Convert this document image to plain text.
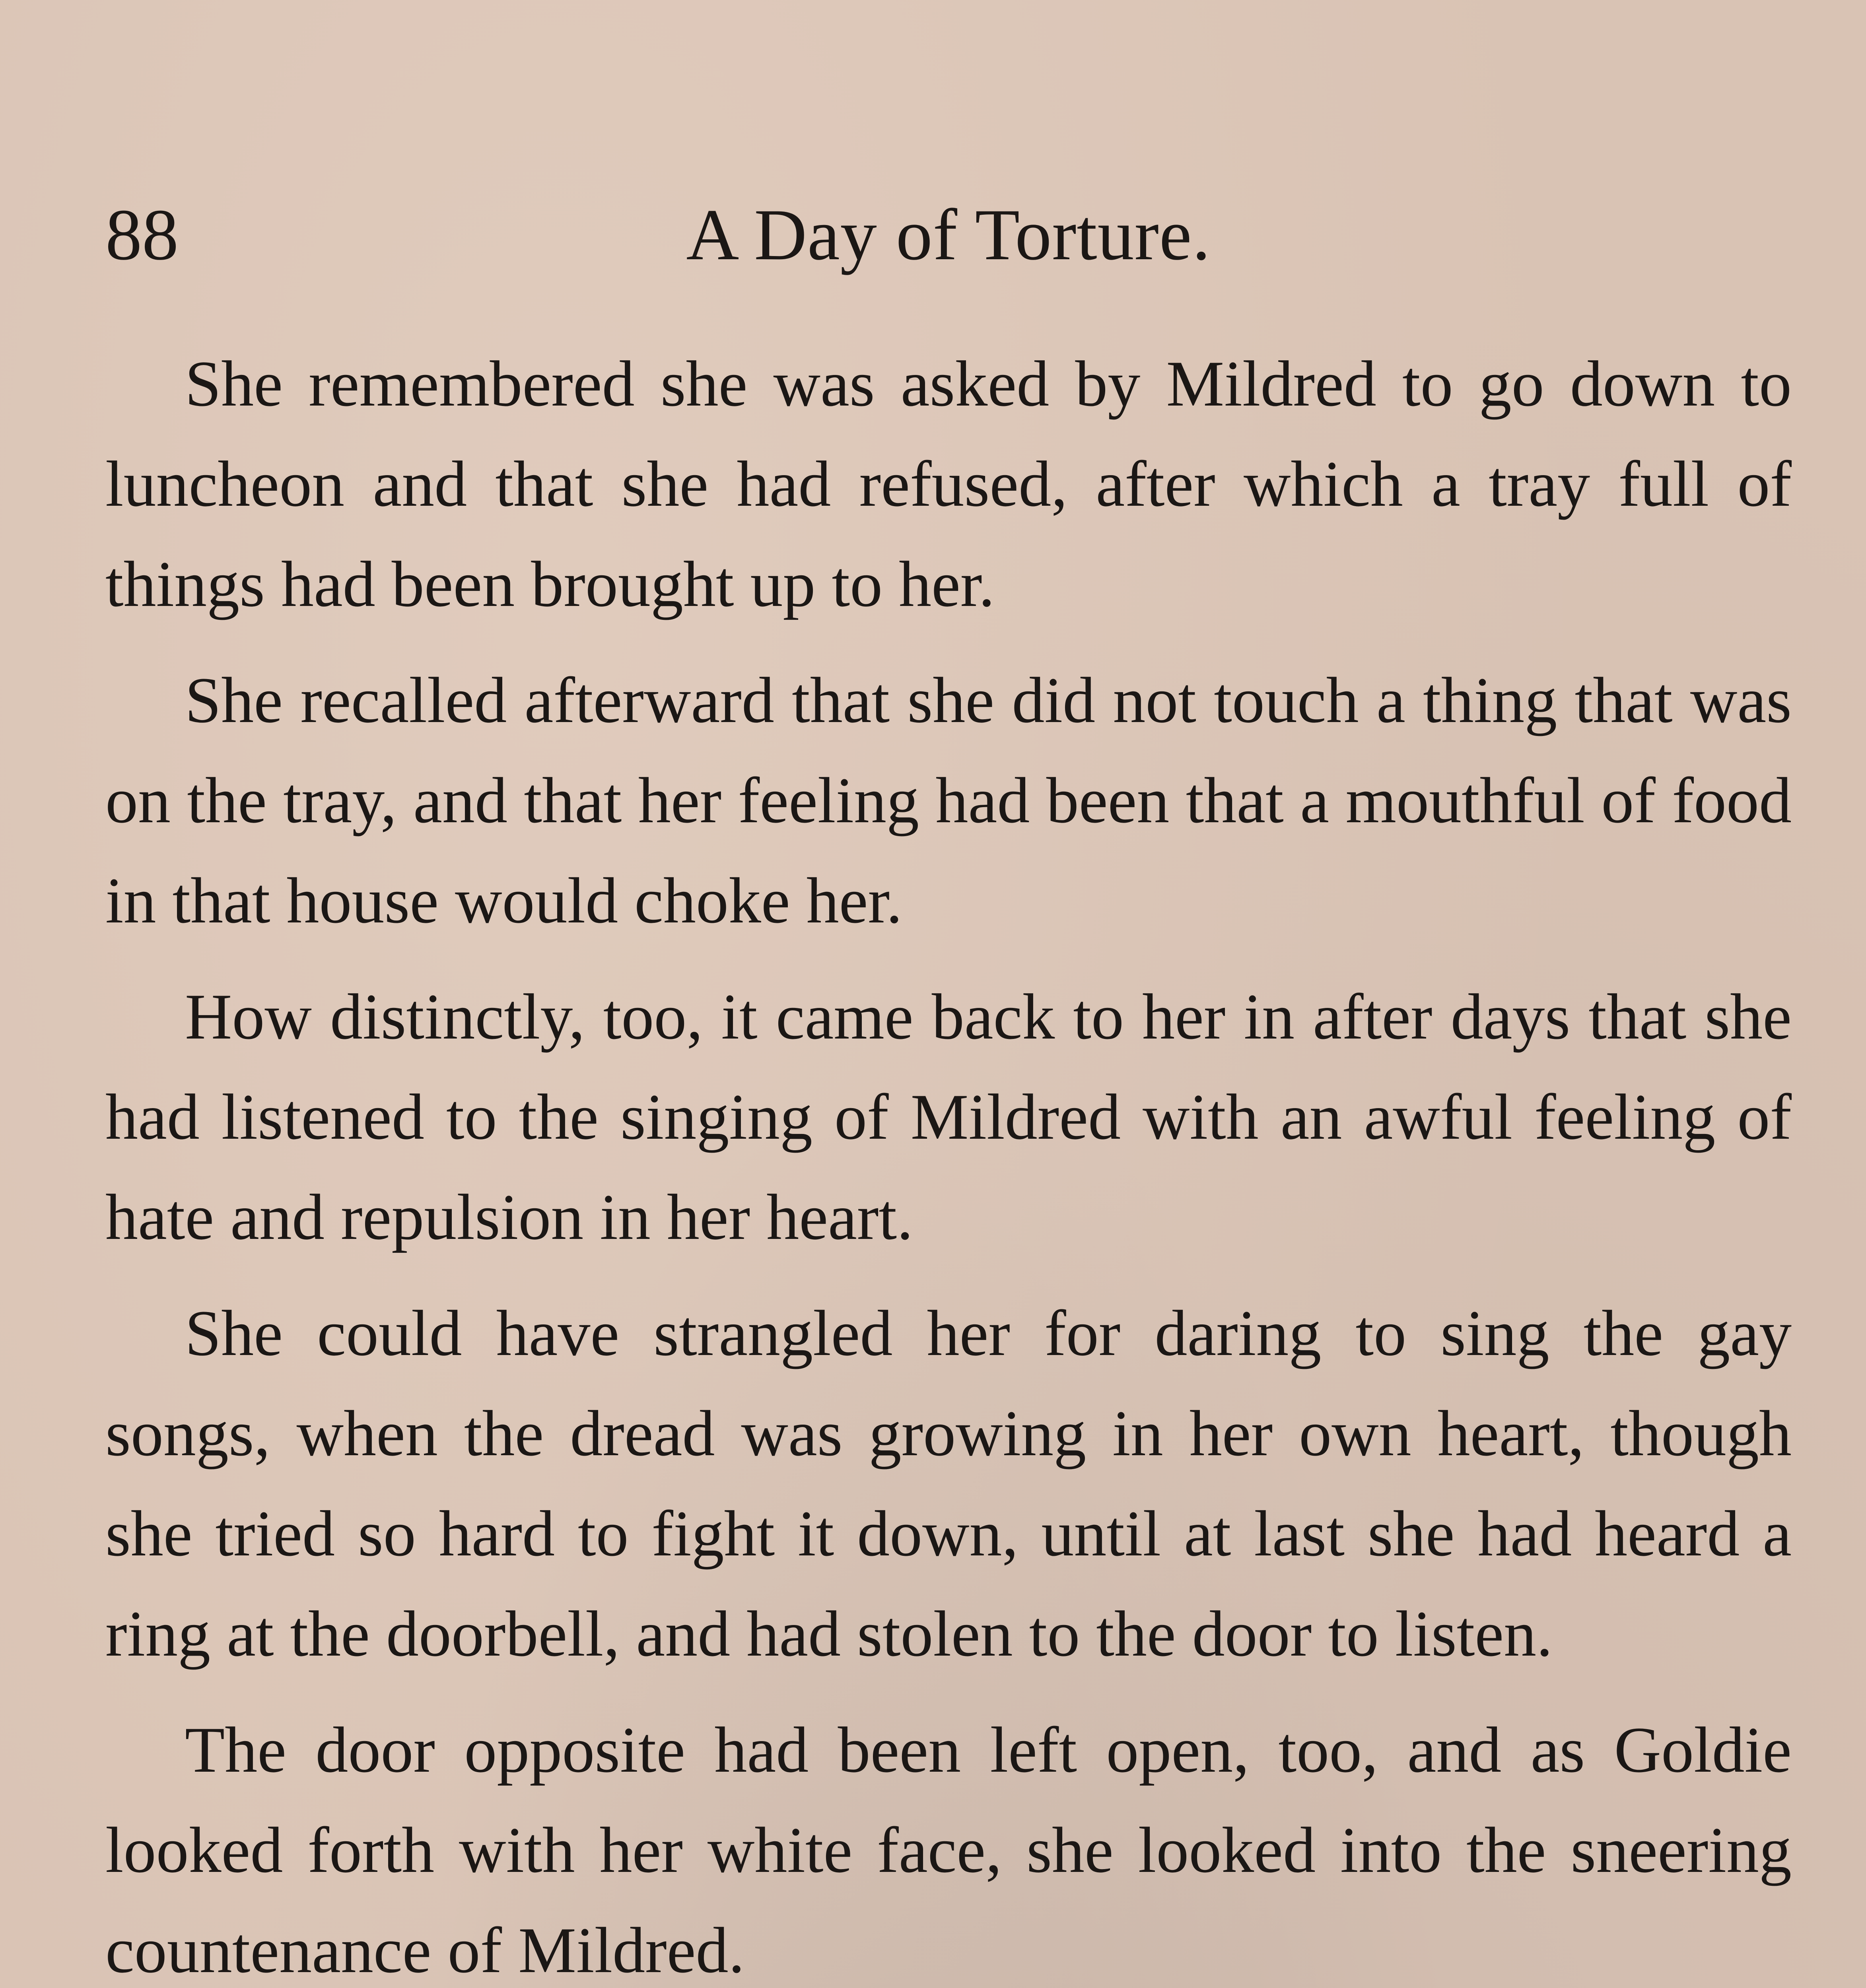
88	A Day of Torture.

She remembered she was asked by Mildred to go down to luncheon and that she had refused, after which a tray full of things had been brought up to her.

She recalled afterward that she did not touch a thing that was on the tray, and that her feeling had been that a mouthful of food in that house would choke her.

How distinctly, too, it came back to her in after days that she had listened to the singing of Mildred with an awful feeling of hate and repulsion in her heart.

She could have strangled her for daring to sing the gay songs, when the dread was growing in her own heart, though she tried so hard to fight it down, until at last she had heard a ring at the doorbell, and had stolen to the door to listen.

The door opposite had been left open, too, and as Goldie looked forth with her white face, she looked into the sneering countenance of Mildred.
